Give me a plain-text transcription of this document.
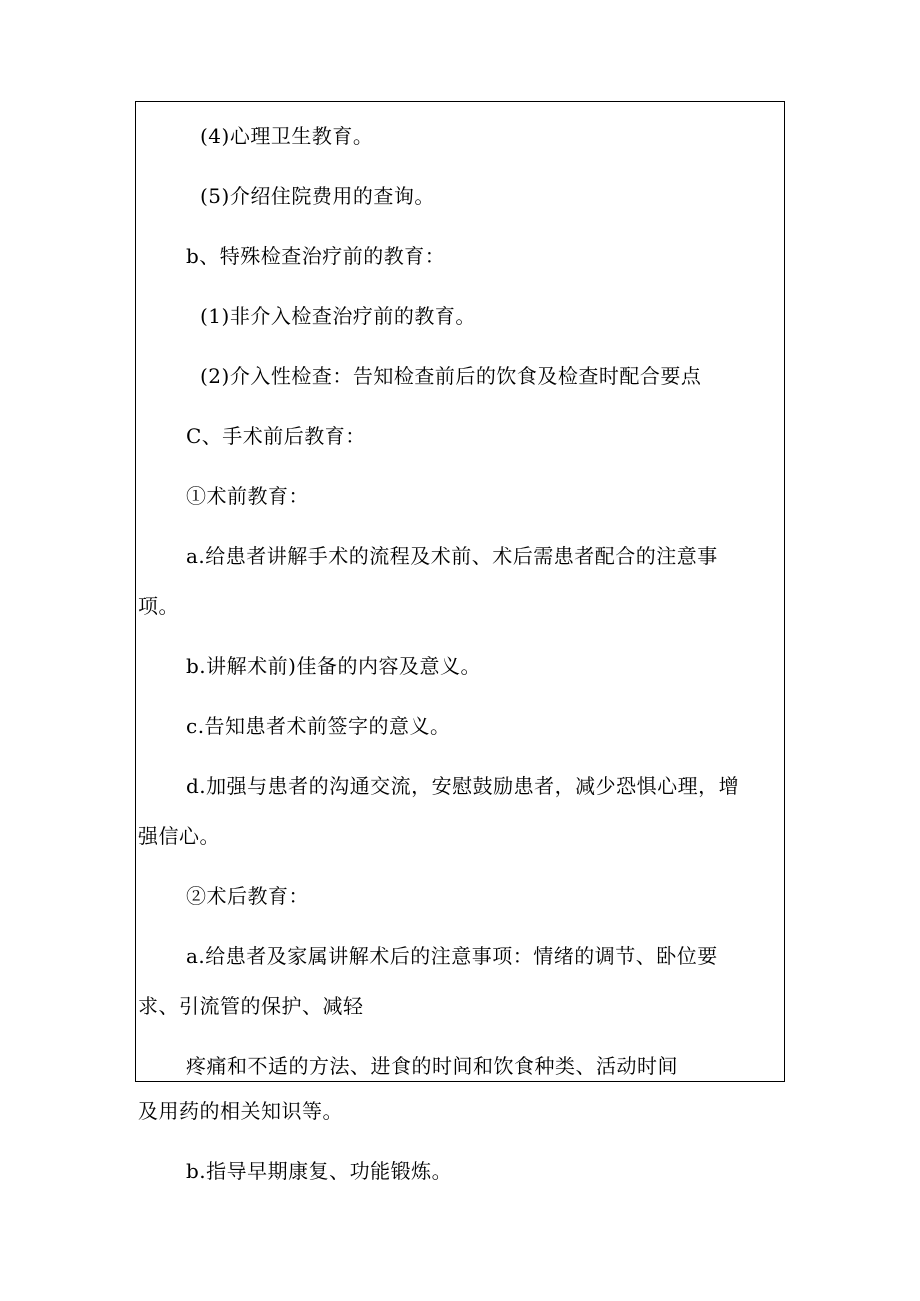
(4)心理卫生教育。
(5)介绍住院费用的查询。
b、特殊检查治疗前的教育：
(1)非介入检查治疗前的教育。
(2)介入性检查：告知检查前后的饮食及检查时配合要点
C、手术前后教育：
①术前教育：
a.给患者讲解手术的流程及术前、术后需患者配合的注意事
项。
b.讲解术前)佳备的内容及意义。
c.告知患者术前签字的意义。
d.加强与患者的沟通交流，安慰鼓励患者，减少恐惧心理，增
强信心。
②术后教育：
a.给患者及家属讲解术后的注意事项：情绪的调节、卧位要
求、引流管的保护、减轻
疼痛和不适的方法、进食的时间和饮食种类、活动时间
及用药的相关知识等。
b.指导早期康复、功能锻炼。
